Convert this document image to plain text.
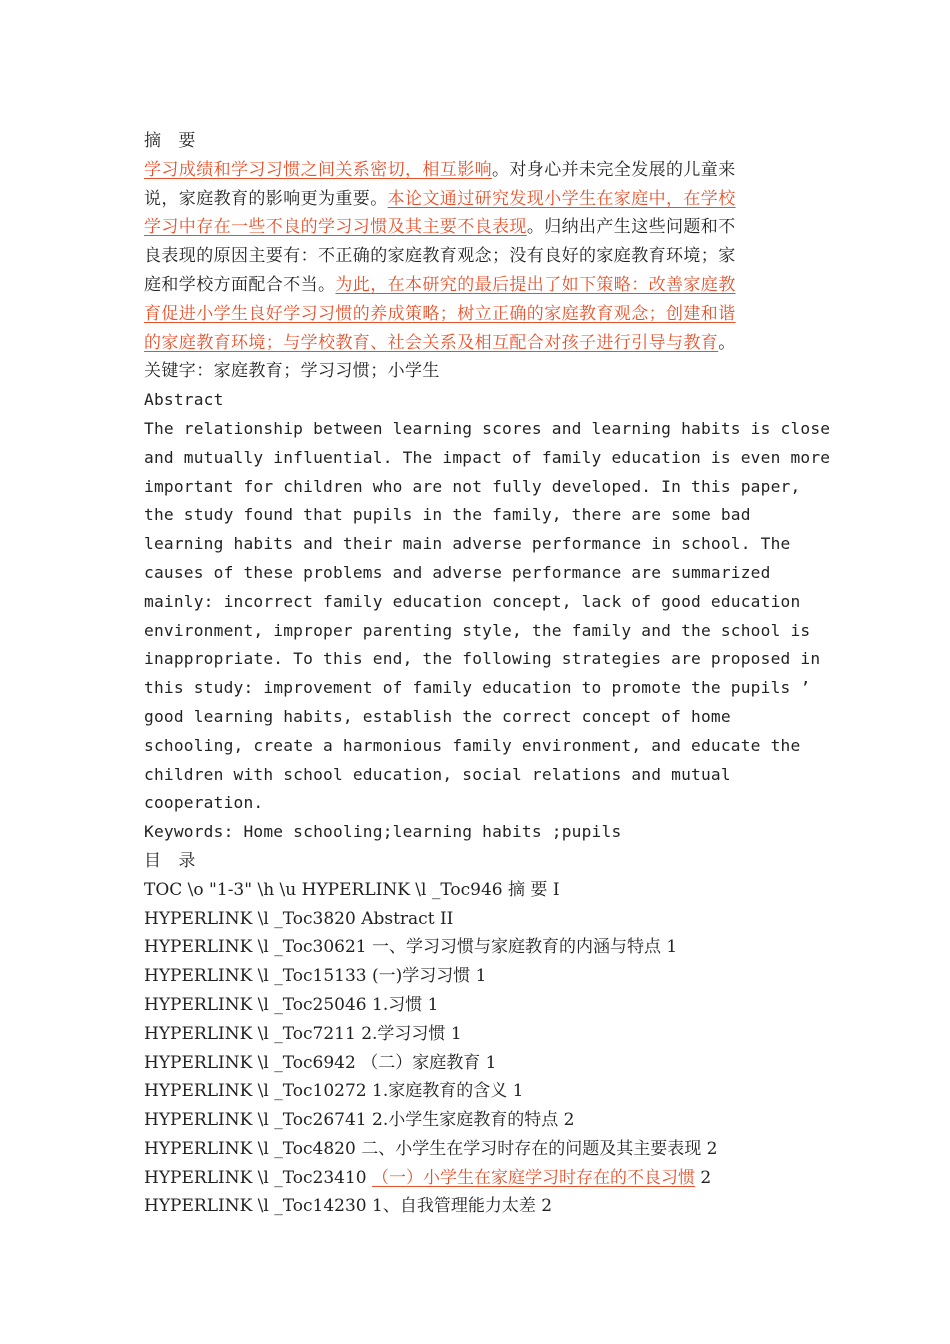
摘 要
学习成绩和学习习惯之间关系密切，相互影响。对身心并未完全发展的儿童来
说，家庭教育的影响更为重要。本论文通过研究发现小学生在家庭中，在学校
学习中存在一些不良的学习习惯及其主要不良表现。归纳出产生这些问题和不
良表现的原因主要有：不正确的家庭教育观念；没有良好的家庭教育环境；家
庭和学校方面配合不当。为此，在本研究的最后提出了如下策略：改善家庭教
育促进小学生良好学习习惯的养成策略；树立正确的家庭教育观念；创建和谐
的家庭教育环境；与学校教育、社会关系及相互配合对孩子进行引导与教育。
关键字：家庭教育；学习习惯；小学生
Abstract
The relationship between learning scores and learning habits is close
and mutually influential. The impact of family education is even more
important for children who are not fully developed. In this paper,
the study found that pupils in the family, there are some bad
learning habits and their main adverse performance in school. The
causes of these problems and adverse performance are summarized
mainly: incorrect family education concept, lack of good education
environment, improper parenting style, the family and the school is
inappropriate. To this end, the following strategies are proposed in
this study: improvement of family education to promote the pupils ’
good learning habits, establish the correct concept of home
schooling, create a harmonious family environment, and educate the
children with school education, social relations and mutual
cooperation.
Keywords: Home schooling;learning habits ;pupils
目 录
TOC \o "1-3" \h \u HYPERLINK \l _Toc946 摘 要 I
HYPERLINK \l _Toc3820 Abstract II
HYPERLINK \l _Toc30621 一、学习习惯与家庭教育的内涵与特点 1
HYPERLINK \l _Toc15133 (一)学习习惯 1
HYPERLINK \l _Toc25046 1.习惯 1
HYPERLINK \l _Toc7211 2.学习习惯 1
HYPERLINK \l _Toc6942 （二）家庭教育 1
HYPERLINK \l _Toc10272 1.家庭教育的含义 1
HYPERLINK \l _Toc26741 2.小学生家庭教育的特点 2
HYPERLINK \l _Toc4820 二、小学生在学习时存在的问题及其主要表现 2
HYPERLINK \l _Toc23410 （一）小学生在家庭学习时存在的不良习惯 2
HYPERLINK \l _Toc14230 1、自我管理能力太差 2
